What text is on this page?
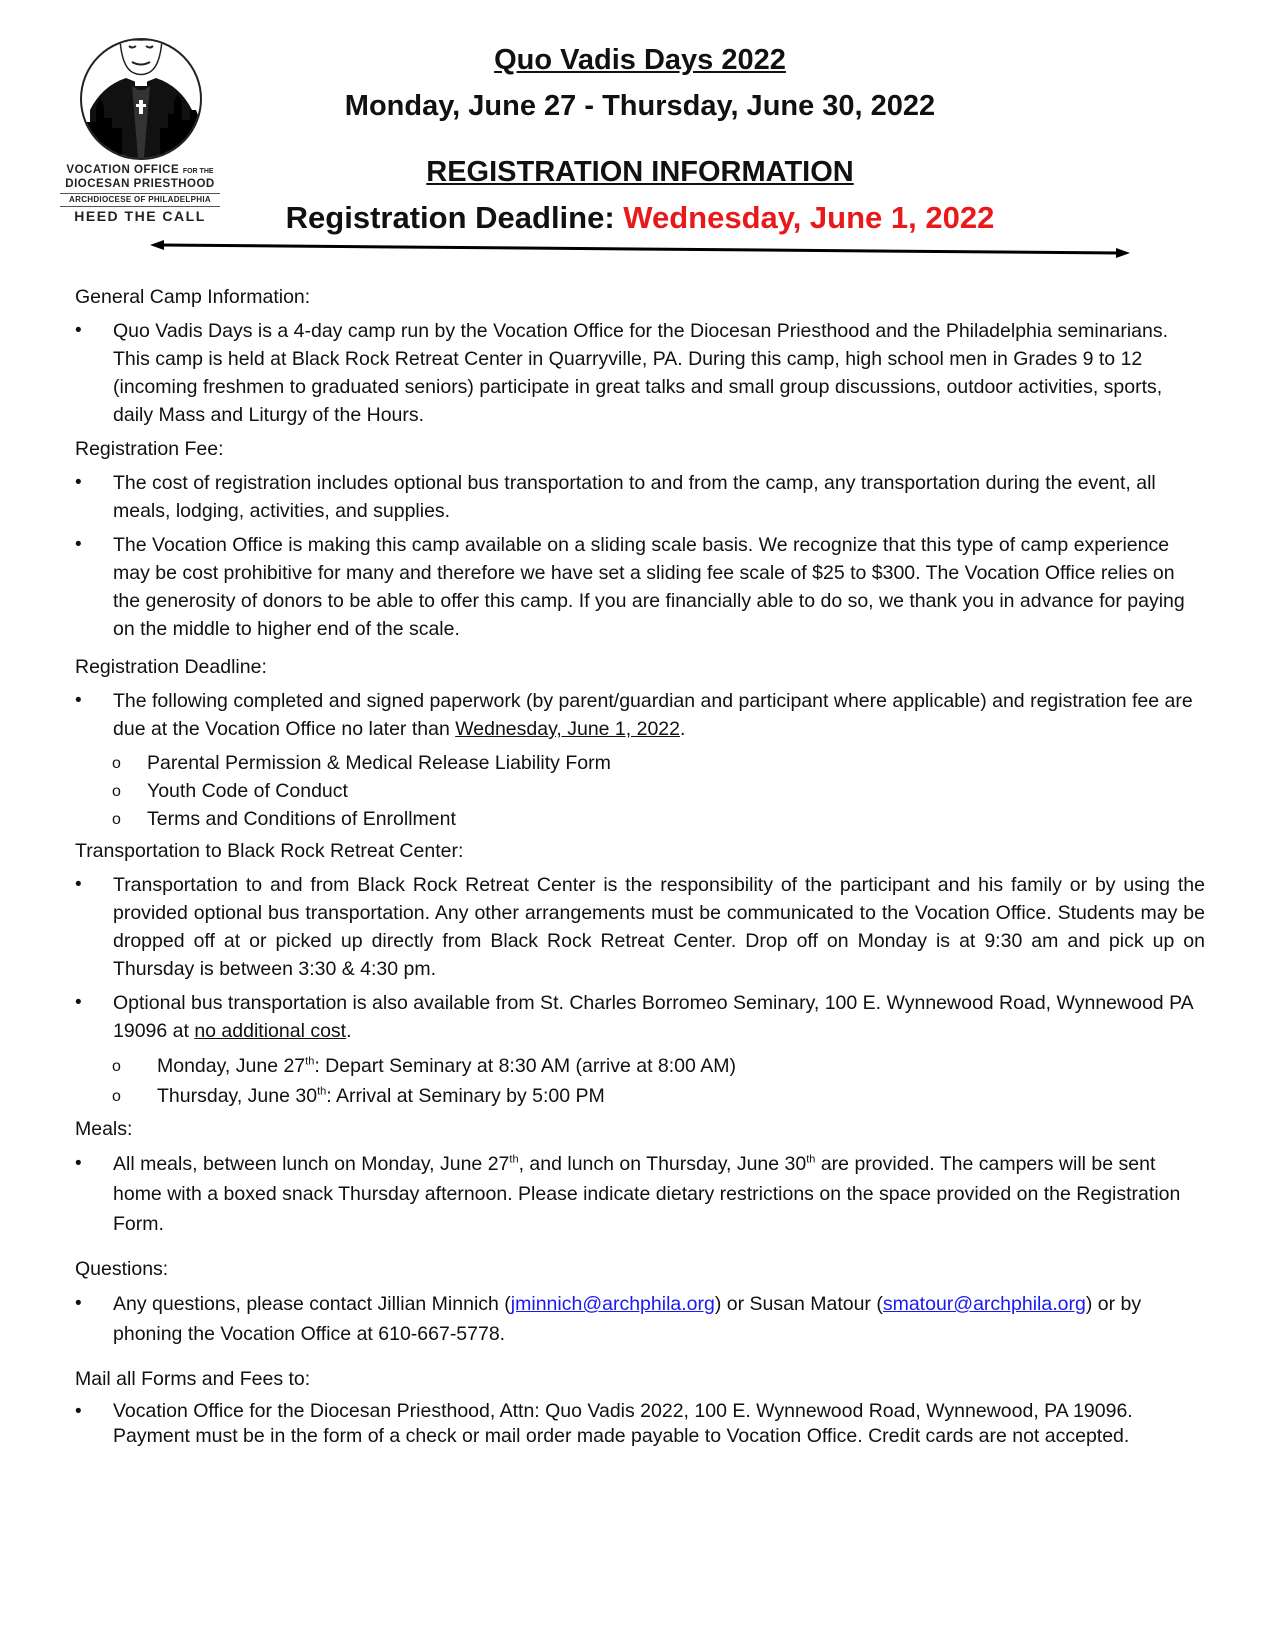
VOCATION OFFICE FOR THE
DIOCESAN PRIESTHOOD
ARCHDIOCESE OF PHILADELPHIA
HEED THE CALL
Quo Vadis Days 2022
Monday, June 27 - Thursday, June 30, 2022
REGISTRATION INFORMATION
Registration Deadline: Wednesday, June 1, 2022

General Camp Information:

• Quo Vadis Days is a 4-day camp run by the Vocation Office for the Diocesan Priesthood and the Philadelphia seminarians. This camp is held at Black Rock Retreat Center in Quarryville, PA. During this camp, high school men in Grades 9 to 12 (incoming freshmen to graduated seniors) participate in great talks and small group discussions, outdoor activities, sports, daily Mass and Liturgy of the Hours.

Registration Fee:

• The cost of registration includes optional bus transportation to and from the camp, any transportation during the event, all meals, lodging, activities, and supplies.
• The Vocation Office is making this camp available on a sliding scale basis. We recognize that this type of camp experience may be cost prohibitive for many and therefore we have set a sliding fee scale of $25 to $300. The Vocation Office relies on the generosity of donors to be able to offer this camp. If you are financially able to do so, we thank you in advance for paying on the middle to higher end of the scale.

Registration Deadline:

• The following completed and signed paperwork (by parent/guardian and participant where applicable) and registration fee are due at the Vocation Office no later than Wednesday, June 1, 2022.
o Parental Permission & Medical Release Liability Form
o Youth Code of Conduct
o Terms and Conditions of Enrollment

Transportation to Black Rock Retreat Center:

• Transportation to and from Black Rock Retreat Center is the responsibility of the participant and his family or by using the provided optional bus transportation. Any other arrangements must be communicated to the Vocation Office. Students may be dropped off at or picked up directly from Black Rock Retreat Center. Drop off on Monday is at 9:30 am and pick up on Thursday is between 3:30 & 4:30 pm.
• Optional bus transportation is also available from St. Charles Borromeo Seminary, 100 E. Wynnewood Road, Wynnewood PA 19096 at no additional cost.
o Monday, June 27th: Depart Seminary at 8:30 AM (arrive at 8:00 AM)
o Thursday, June 30th: Arrival at Seminary by 5:00 PM

Meals:

• All meals, between lunch on Monday, June 27th, and lunch on Thursday, June 30th are provided. The campers will be sent home with a boxed snack Thursday afternoon. Please indicate dietary restrictions on the space provided on the Registration Form.

Questions:

• Any questions, please contact Jillian Minnich (jminnich@archphila.org) or Susan Matour (smatour@archphila.org) or by phoning the Vocation Office at 610-667-5778.

Mail all Forms and Fees to:

• Vocation Office for the Diocesan Priesthood, Attn: Quo Vadis 2022, 100 E. Wynnewood Road, Wynnewood, PA 19096. Payment must be in the form of a check or mail order made payable to Vocation Office. Credit cards are not accepted.
